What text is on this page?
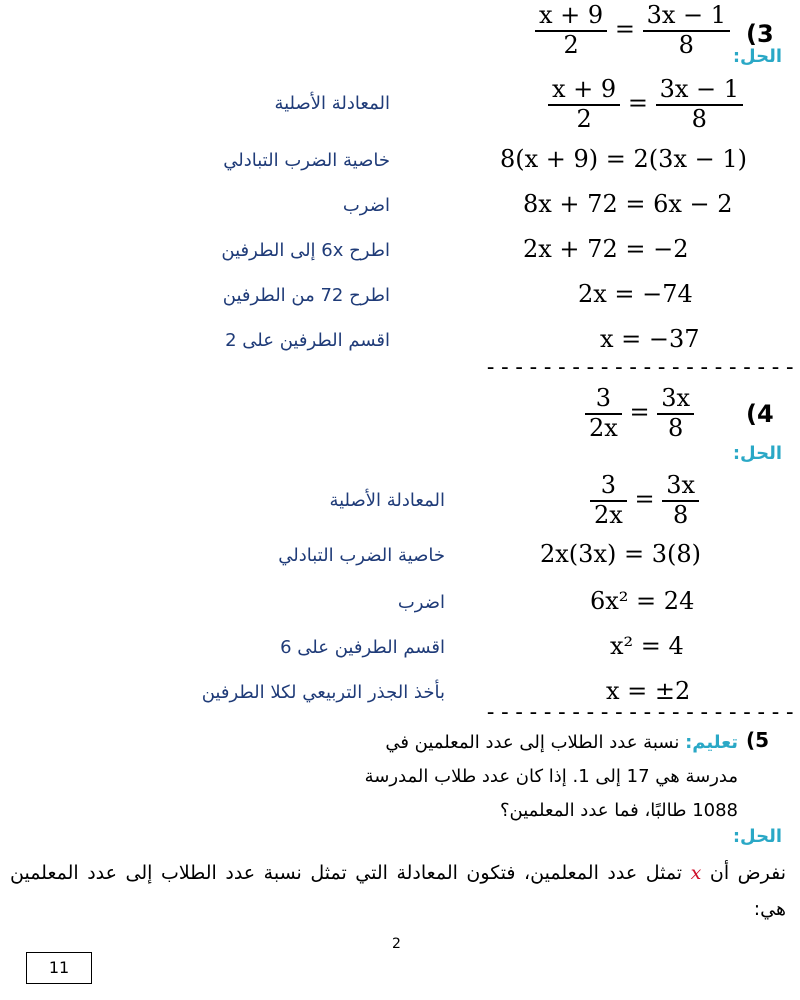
$\frac{x + 9}{2} = \frac{3x - 1}{8} (3$
الحل:
المعادلة الأصلية	$\frac{x + 9}{2} = \frac{3x - 1}{8}$
خاصية الضرب التبادلي	8(x + 9) = 2(3x − 1)
اضرب	8x + 72 = 6x − 2
اطرح 6x إلى الطرفين	2x + 72 = −2
اطرح 72 من الطرفين	2x = −74
اقسم الطرفين على 2	x = −37
----------------------
$\frac{3}{2x} = \frac{3x}{8} (4$
الحل:
المعادلة الأصلية	$\frac{3}{2x} = \frac{3x}{8}$
خاصية الضرب التبادلي	2x(3x) = 3(8)
اضرب	6x² = 24
اقسم الطرفين على 6	x² = 4
بأخذ الجذر التربيعي لكلا الطرفين	x = ±2
----------------------
(5
تعليم: نسبة عدد الطلاب إلى عدد المعلمين في
مدرسة هي 17 إلى 1. إذا كان عدد طلاب المدرسة
1088 طالبًا، فما عدد المعلمين؟
الحل:
نفرض أن x تمثل عدد المعلمين، فتكون المعادلة التي تمثل نسبة عدد الطلاب إلى عدد المعلمين هي:
2
11
